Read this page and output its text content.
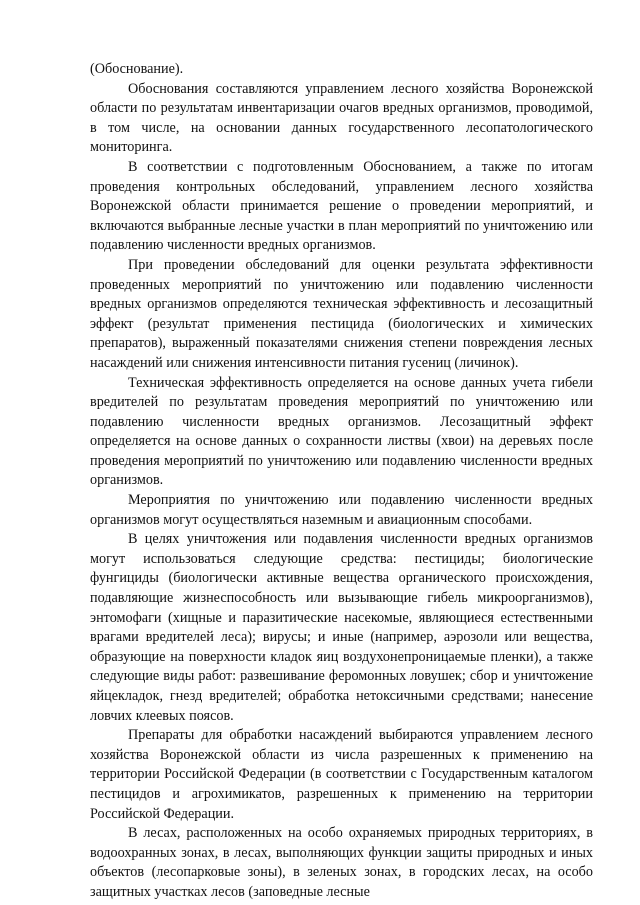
(Обоснование).

Обоснования составляются управлением лесного хозяйства Воронежской области по результатам инвентаризации очагов вредных организмов, проводимой, в том числе, на основании данных государственного лесопатологического мониторинга.

В соответствии с подготовленным Обоснованием, а также по итогам проведения контрольных обследований, управлением лесного хозяйства Воронежской области принимается решение о проведении мероприятий, и включаются выбранные лесные участки в план мероприятий по уничтожению или подавлению численности вредных организмов.

При проведении обследований для оценки результата эффективности проведенных мероприятий по уничтожению или подавлению численности вредных организмов определяются техническая эффективность и лесозащитный эффект (результат применения пестицида (биологических и химических препаратов), выраженный показателями снижения степени повреждения лесных насаждений или снижения интенсивности питания гусениц (личинок).

Техническая эффективность определяется на основе данных учета гибели вредителей по результатам проведения мероприятий по уничтожению или подавлению численности вредных организмов. Лесозащитный эффект определяется на основе данных о сохранности листвы (хвои) на деревьях после проведения мероприятий по уничтожению или подавлению численности вредных организмов.

Мероприятия по уничтожению или подавлению численности вредных организмов могут осуществляться наземным и авиационным способами.

В целях уничтожения или подавления численности вредных организмов могут использоваться следующие средства: пестициды; биологические фунгициды (биологически активные вещества органического происхождения, подавляющие жизнеспособность или вызывающие гибель микроорганизмов), энтомофаги (хищные и паразитические насекомые, являющиеся естественными врагами вредителей леса); вирусы; и иные (например, аэрозоли или вещества, образующие на поверхности кладок яиц воздухонепроницаемые пленки), а также следующие виды работ: развешивание феромонных ловушек; сбор и уничтожение яйцекладок, гнезд вредителей; обработка нетоксичными средствами; нанесение ловчих клеевых поясов.

Препараты для обработки насаждений выбираются управлением лесного хозяйства Воронежской области из числа разрешенных к применению на территории Российской Федерации (в соответствии с Государственным каталогом пестицидов и агрохимикатов, разрешенных к применению на территории Российской Федерации.

В лесах, расположенных на особо охраняемых природных территориях, в водоохранных зонах, в лесах, выполняющих функции защиты природных и иных объектов (лесопарковые зоны), в зеленых зонах, в городских лесах, на особо защитных участках лесов (заповедные лесные
